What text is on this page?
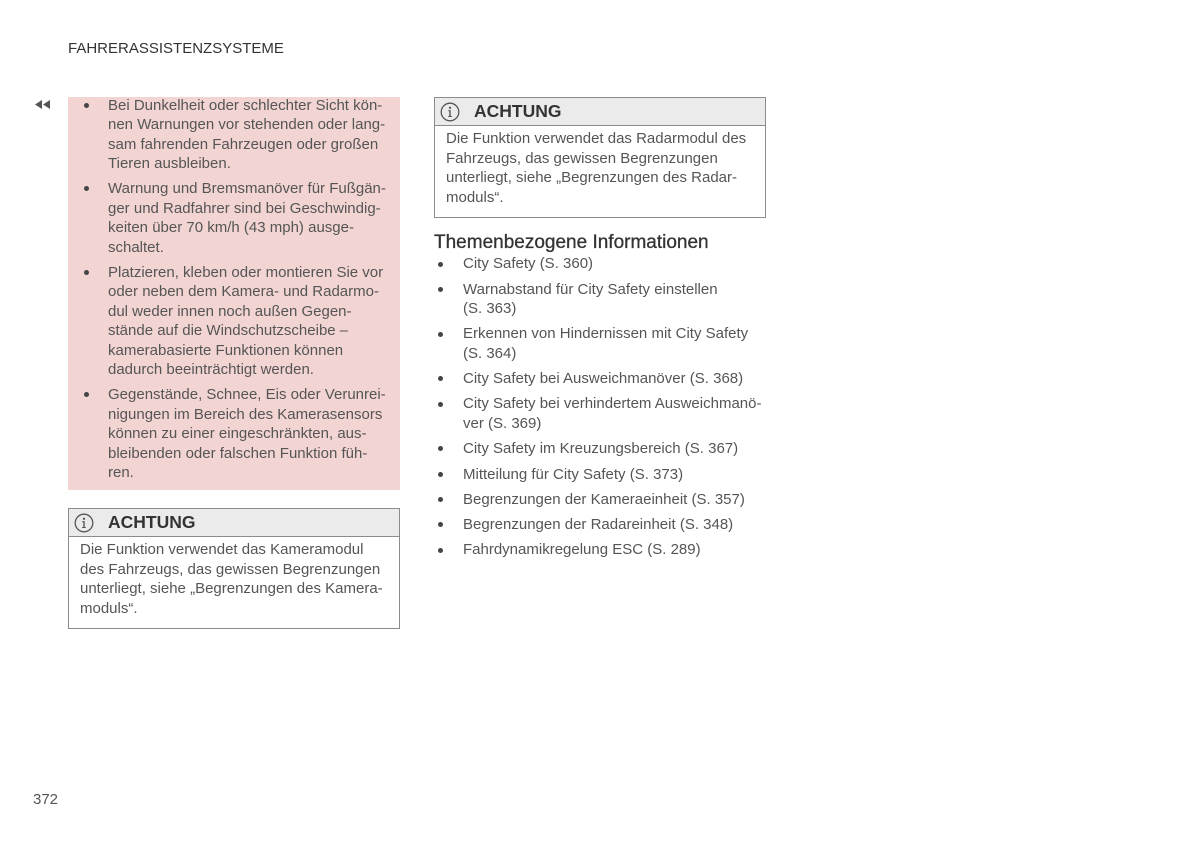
FAHRERASSISTENZSYSTEME
Bei Dunkelheit oder schlechter Sicht kön-
nen Warnungen vor stehenden oder lang-
sam fahrenden Fahrzeugen oder großen
Tieren ausbleiben.
Warnung und Bremsmanöver für Fußgän-
ger und Radfahrer sind bei Geschwindig-
keiten über 70 km/h (43 mph) ausge-
schaltet.
Platzieren, kleben oder montieren Sie vor
oder neben dem Kamera- und Radarmo-
dul weder innen noch außen Gegen-
stände auf die Windschutzscheibe –
kamerabasierte Funktionen können
dadurch beeinträchtigt werden.
Gegenstände, Schnee, Eis oder Verunrei-
nigungen im Bereich des Kamerasensors
können zu einer eingeschränkten, aus-
bleibenden oder falschen Funktion füh-
ren.
ACHTUNG
Die Funktion verwendet das Kameramodul
des Fahrzeugs, das gewissen Begrenzungen
unterliegt, siehe „Begrenzungen des Kamera-
moduls“.
ACHTUNG
Die Funktion verwendet das Radarmodul des
Fahrzeugs, das gewissen Begrenzungen
unterliegt, siehe „Begrenzungen des Radar-
moduls“.
Themenbezogene Informationen
City Safety (S. 360)
Warnabstand für City Safety einstellen
(S. 363)
Erkennen von Hindernissen mit City Safety
(S. 364)
City Safety bei Ausweichmanöver (S. 368)
City Safety bei verhindertem Ausweichmanö-
ver (S. 369)
City Safety im Kreuzungsbereich (S. 367)
Mitteilung für City Safety (S. 373)
Begrenzungen der Kameraeinheit (S. 357)
Begrenzungen der Radareinheit (S. 348)
Fahrdynamikregelung ESC (S. 289)
372
